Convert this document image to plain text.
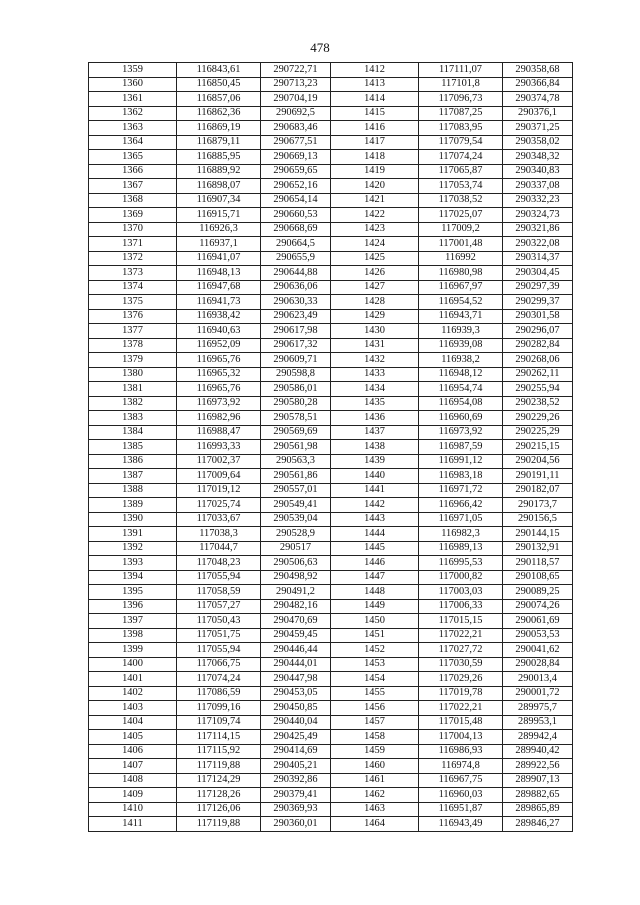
478
1359	116843,61	290722,71	1412	117111,07	290358,68
1360	116850,45	290713,23	1413	117101,8	290366,84
1361	116857,06	290704,19	1414	117096,73	290374,78
1362	116862,36	290692,5	1415	117087,25	290376,1
1363	116869,19	290683,46	1416	117083,95	290371,25
1364	116879,11	290677,51	1417	117079,54	290358,02
1365	116885,95	290669,13	1418	117074,24	290348,32
1366	116889,92	290659,65	1419	117065,87	290340,83
1367	116898,07	290652,16	1420	117053,74	290337,08
1368	116907,34	290654,14	1421	117038,52	290332,23
1369	116915,71	290660,53	1422	117025,07	290324,73
1370	116926,3	290668,69	1423	117009,2	290321,86
1371	116937,1	290664,5	1424	117001,48	290322,08
1372	116941,07	290655,9	1425	116992	290314,37
1373	116948,13	290644,88	1426	116980,98	290304,45
1374	116947,68	290636,06	1427	116967,97	290297,39
1375	116941,73	290630,33	1428	116954,52	290299,37
1376	116938,42	290623,49	1429	116943,71	290301,58
1377	116940,63	290617,98	1430	116939,3	290296,07
1378	116952,09	290617,32	1431	116939,08	290282,84
1379	116965,76	290609,71	1432	116938,2	290268,06
1380	116965,32	290598,8	1433	116948,12	290262,11
1381	116965,76	290586,01	1434	116954,74	290255,94
1382	116973,92	290580,28	1435	116954,08	290238,52
1383	116982,96	290578,51	1436	116960,69	290229,26
1384	116988,47	290569,69	1437	116973,92	290225,29
1385	116993,33	290561,98	1438	116987,59	290215,15
1386	117002,37	290563,3	1439	116991,12	290204,56
1387	117009,64	290561,86	1440	116983,18	290191,11
1388	117019,12	290557,01	1441	116971,72	290182,07
1389	117025,74	290549,41	1442	116966,42	290173,7
1390	117033,67	290539,04	1443	116971,05	290156,5
1391	117038,3	290528,9	1444	116982,3	290144,15
1392	117044,7	290517	1445	116989,13	290132,91
1393	117048,23	290506,63	1446	116995,53	290118,57
1394	117055,94	290498,92	1447	117000,82	290108,65
1395	117058,59	290491,2	1448	117003,03	290089,25
1396	117057,27	290482,16	1449	117006,33	290074,26
1397	117050,43	290470,69	1450	117015,15	290061,69
1398	117051,75	290459,45	1451	117022,21	290053,53
1399	117055,94	290446,44	1452	117027,72	290041,62
1400	117066,75	290444,01	1453	117030,59	290028,84
1401	117074,24	290447,98	1454	117029,26	290013,4
1402	117086,59	290453,05	1455	117019,78	290001,72
1403	117099,16	290450,85	1456	117022,21	289975,7
1404	117109,74	290440,04	1457	117015,48	289953,1
1405	117114,15	290425,49	1458	117004,13	289942,4
1406	117115,92	290414,69	1459	116986,93	289940,42
1407	117119,88	290405,21	1460	116974,8	289922,56
1408	117124,29	290392,86	1461	116967,75	289907,13
1409	117128,26	290379,41	1462	116960,03	289882,65
1410	117126,06	290369,93	1463	116951,87	289865,89
1411	117119,88	290360,01	1464	116943,49	289846,27
